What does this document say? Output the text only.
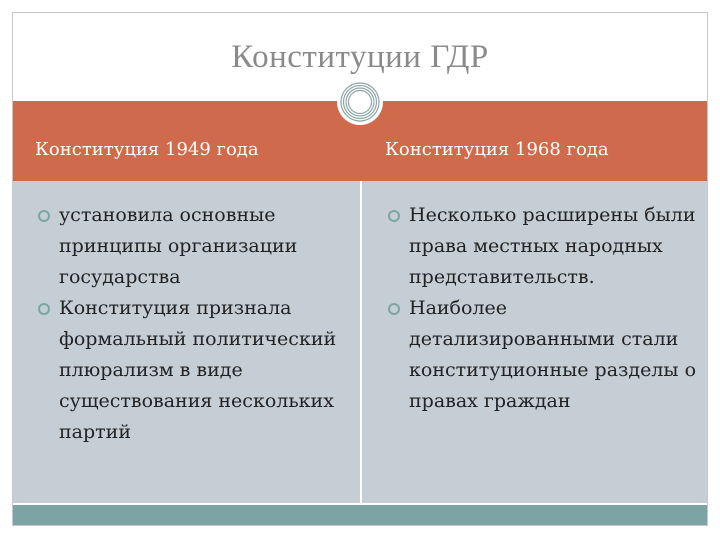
Конституции ГДР
Конституция 1949 года	Конституция 1968 года
установила основные принципы организации государства
Конституция признала формальный политический плюрализм в виде существования нескольких партий
Несколько расширены были права местных народных представительств.
Наиболее детализированными стали конституционные разделы о правах граждан
